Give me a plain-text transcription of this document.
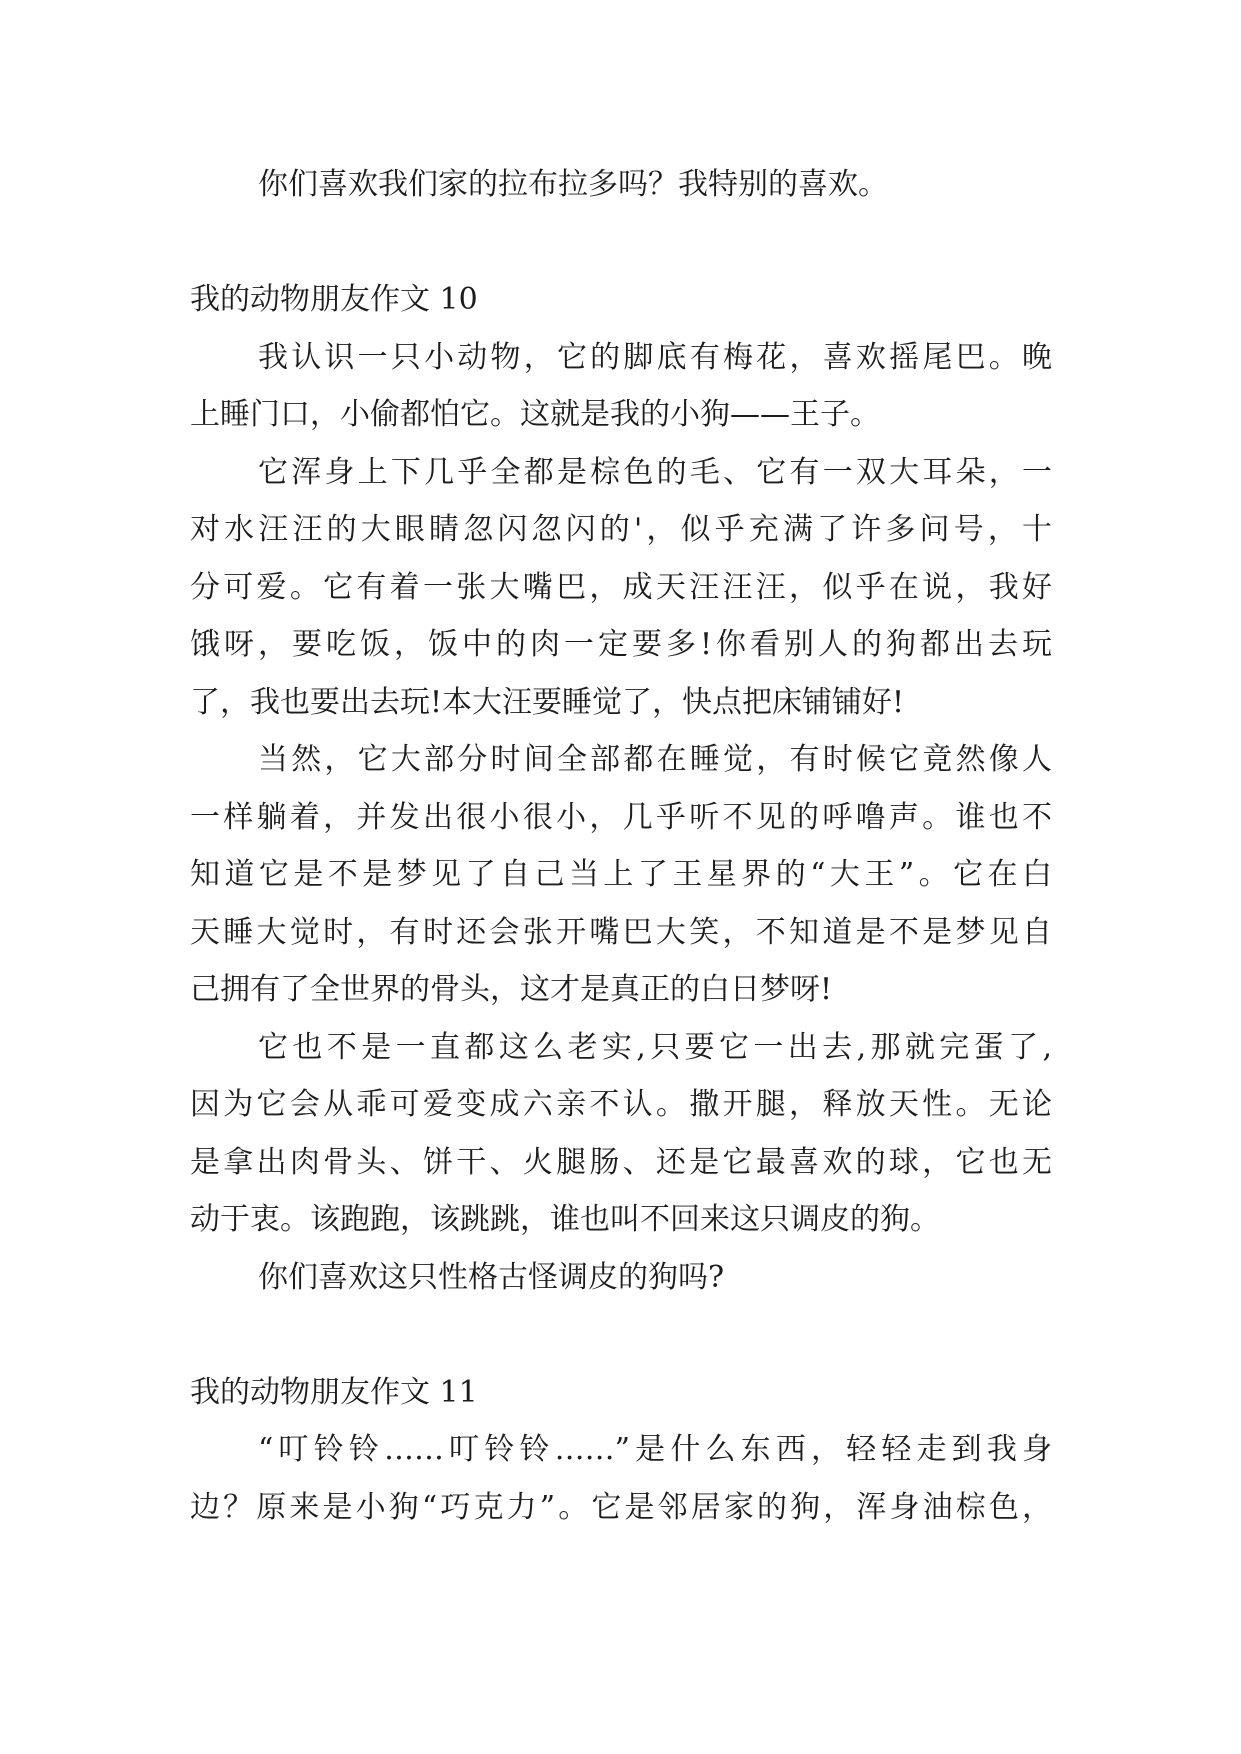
你们喜欢我们家的拉布拉多吗？我特别的喜欢。
我的动物朋友作文 10
我认识一只小动物，它的脚底有梅花，喜欢摇尾巴。晚
上睡门口，小偷都怕它。这就是我的小狗——王子。
它浑身上下几乎全都是棕色的毛、它有一双大耳朵，一
对水汪汪的大眼睛忽闪忽闪的'，似乎充满了许多问号，十
分可爱。它有着一张大嘴巴，成天汪汪汪，似乎在说，我好
饿呀，要吃饭，饭中的肉一定要多!你看别人的狗都出去玩
了，我也要出去玩!本大汪要睡觉了，快点把床铺铺好!
当然，它大部分时间全部都在睡觉，有时候它竟然像人
一样躺着，并发出很小很小，几乎听不见的呼噜声。谁也不
知道它是不是梦见了自己当上了王星界的“大王”。它在白
天睡大觉时，有时还会张开嘴巴大笑，不知道是不是梦见自
己拥有了全世界的骨头，这才是真正的白日梦呀!
它也不是一直都这么老实,只要它一出去,那就完蛋了,
因为它会从乖可爱变成六亲不认。撒开腿，释放天性。无论
是拿出肉骨头、饼干、火腿肠、还是它最喜欢的球，它也无
动于衷。该跑跑，该跳跳，谁也叫不回来这只调皮的狗。
你们喜欢这只性格古怪调皮的狗吗?
我的动物朋友作文 11
“叮铃铃……叮铃铃……”是什么东西，轻轻走到我身
边？原来是小狗“巧克力”。它是邻居家的狗，浑身油棕色，
